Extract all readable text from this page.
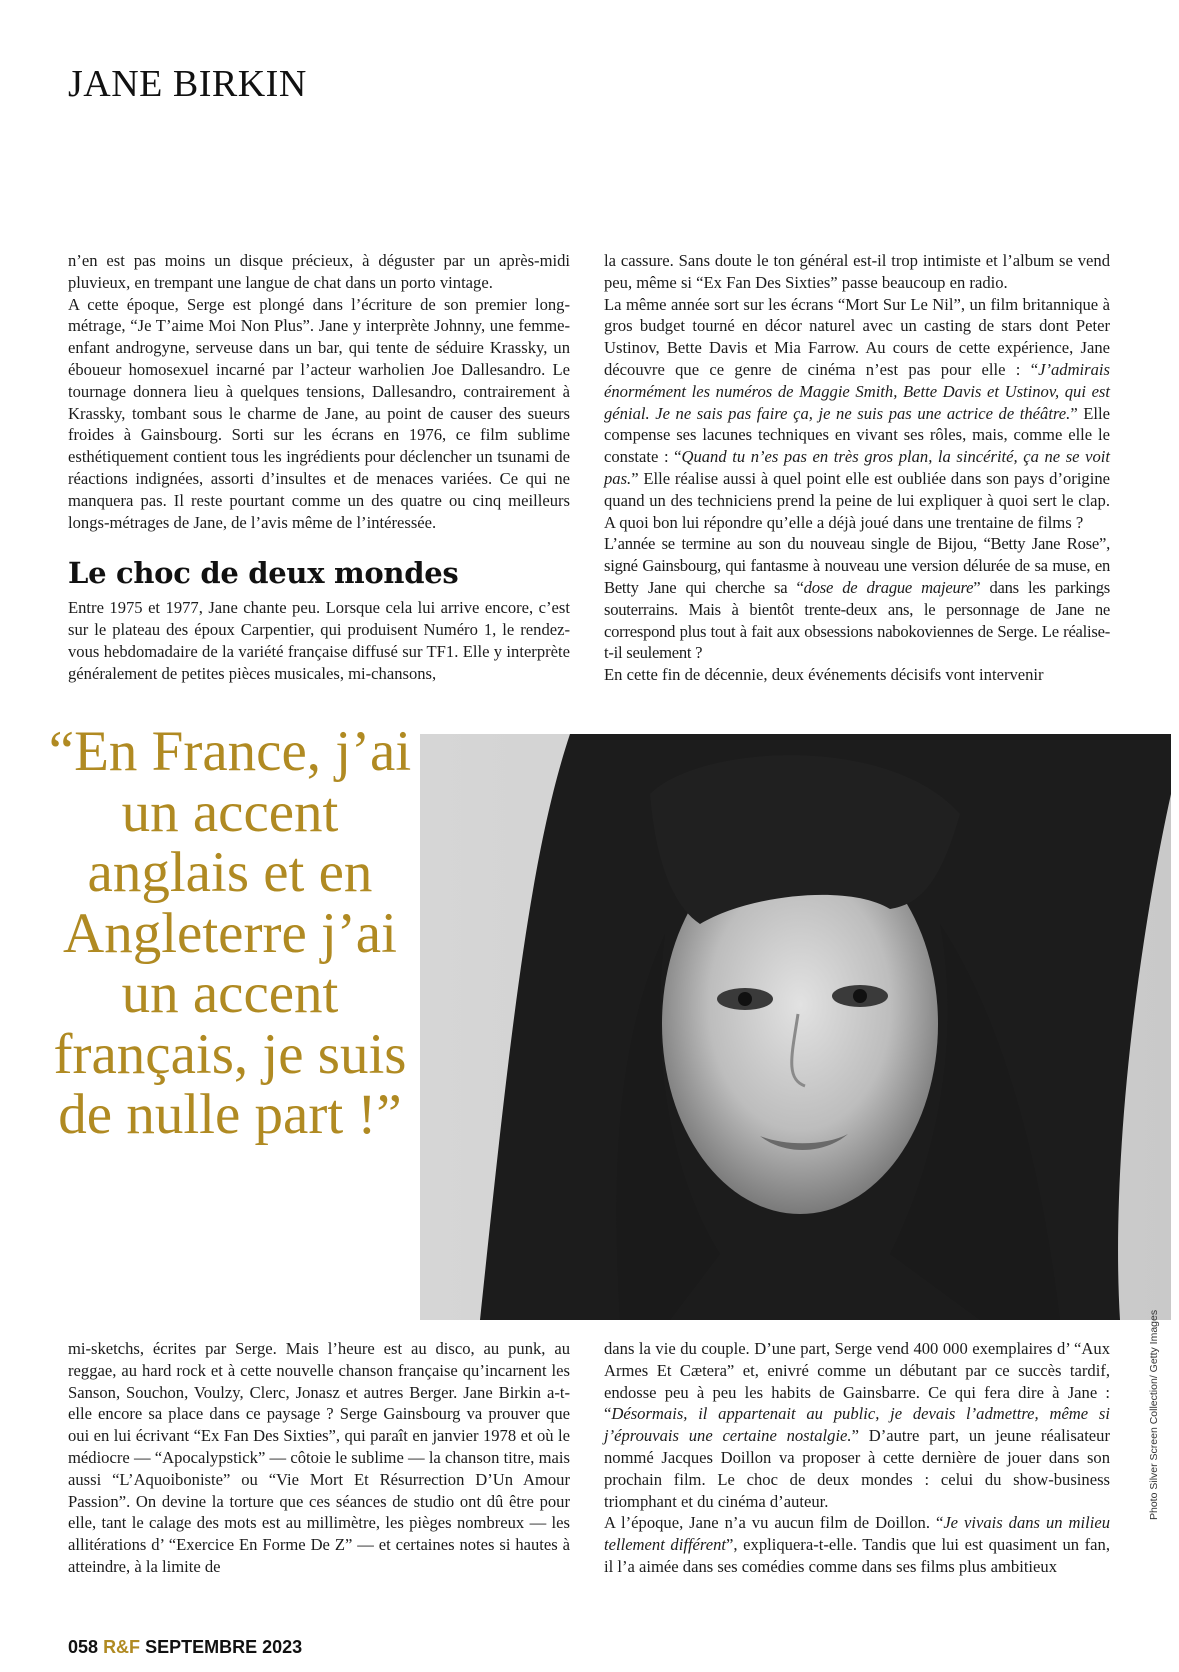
JANE BIRKIN

n’en est pas moins un disque précieux, à déguster par un après-midi pluvieux, en trempant une langue de chat dans un porto vintage.

A cette époque, Serge est plongé dans l’écriture de son premier long-métrage, “Je T’aime Moi Non Plus”. Jane y interprète Johnny, une femme-enfant androgyne, serveuse dans un bar, qui tente de séduire Krassky, un éboueur homosexuel incarné par l’acteur warholien Joe Dallesandro. Le tournage donnera lieu à quelques tensions, Dallesandro, contrairement à Krassky, tombant sous le charme de Jane, au point de causer des sueurs froides à Gainsbourg. Sorti sur les écrans en 1976, ce film sublime esthétiquement contient tous les ingrédients pour déclencher un tsunami de réactions indignées, assorti d’insultes et de menaces variées. Ce qui ne manquera pas. Il reste pourtant comme un des quatre ou cinq meilleurs longs-métrages de Jane, de l’avis même de l’intéressée.

Le choc de deux mondes

Entre 1975 et 1977, Jane chante peu. Lorsque cela lui arrive encore, c’est sur le plateau des époux Carpentier, qui produisent Numéro 1, le rendez-vous hebdomadaire de la variété française diffusé sur TF1. Elle y interprète généralement de petites pièces musicales, mi-chansons,

la cassure. Sans doute le ton général est-il trop intimiste et l’album se vend peu, même si “Ex Fan Des Sixties” passe beaucoup en radio.

La même année sort sur les écrans “Mort Sur Le Nil”, un film britannique à gros budget tourné en décor naturel avec un casting de stars dont Peter Ustinov, Bette Davis et Mia Farrow. Au cours de cette expérience, Jane découvre que ce genre de cinéma n’est pas pour elle : “J’admirais énormément les numéros de Maggie Smith, Bette Davis et Ustinov, qui est génial. Je ne sais pas faire ça, je ne suis pas une actrice de théâtre.” Elle compense ses lacunes techniques en vivant ses rôles, mais, comme elle le constate : “Quand tu n’es pas en très gros plan, la sincérité, ça ne se voit pas.” Elle réalise aussi à quel point elle est oubliée dans son pays d’origine quand un des techniciens prend la peine de lui expliquer à quoi sert le clap. A quoi bon lui répondre qu’elle a déjà joué dans une trentaine de films ?

L’année se termine au son du nouveau single de Bijou, “Betty Jane Rose”, signé Gainsbourg, qui fantasme à nouveau une version délurée de sa muse, en Betty Jane qui cherche sa “dose de drague majeure” dans les parkings souterrains. Mais à bientôt trente-deux ans, le personnage de Jane ne correspond plus tout à fait aux obsessions nabokoviennes de Serge. Le réalise-t-il seulement ?

En cette fin de décennie, deux événements décisifs vont intervenir

“En France, j’ai un accent anglais et en Angleterre j’ai un accent français, je suis de nulle part !”

mi-sketchs, écrites par Serge. Mais l’heure est au disco, au punk, au reggae, au hard rock et à cette nouvelle chanson française qu’incarnent les Sanson, Souchon, Voulzy, Clerc, Jonasz et autres Berger. Jane Birkin a-t-elle encore sa place dans ce paysage ? Serge Gainsbourg va prouver que oui en lui écrivant “Ex Fan Des Sixties”, qui paraît en janvier 1978 et où le médiocre — “Apocalypstick” — côtoie le sublime — la chanson titre, mais aussi “L’Aquoiboniste” ou “Vie Mort Et Résurrection D’Un Amour Passion”. On devine la torture que ces séances de studio ont dû être pour elle, tant le calage des mots est au millimètre, les pièges nombreux — les allitérations d’ “Exercice En Forme De Z” — et certaines notes si hautes à atteindre, à la limite de

dans la vie du couple. D’une part, Serge vend 400 000 exemplaires d’ “Aux Armes Et Cætera” et, enivré comme un débutant par ce succès tardif, endosse peu à peu les habits de Gainsbarre. Ce qui fera dire à Jane : “Désormais, il appartenait au public, je devais l’admettre, même si j’éprouvais une certaine nostalgie.” D’autre part, un jeune réalisateur nommé Jacques Doillon va proposer à cette dernière de jouer dans son prochain film. Le choc de deux mondes : celui du show-business triomphant et du cinéma d’auteur.

A l’époque, Jane n’a vu aucun film de Doillon. “Je vivais dans un milieu tellement différent”, expliquera-t-elle. Tandis que lui est quasiment un fan, il l’a aimée dans ses comédies comme dans ses films plus ambitieux

Photo Silver Screen Collection/ Getty Images
058 R&F SEPTEMBRE 2023
